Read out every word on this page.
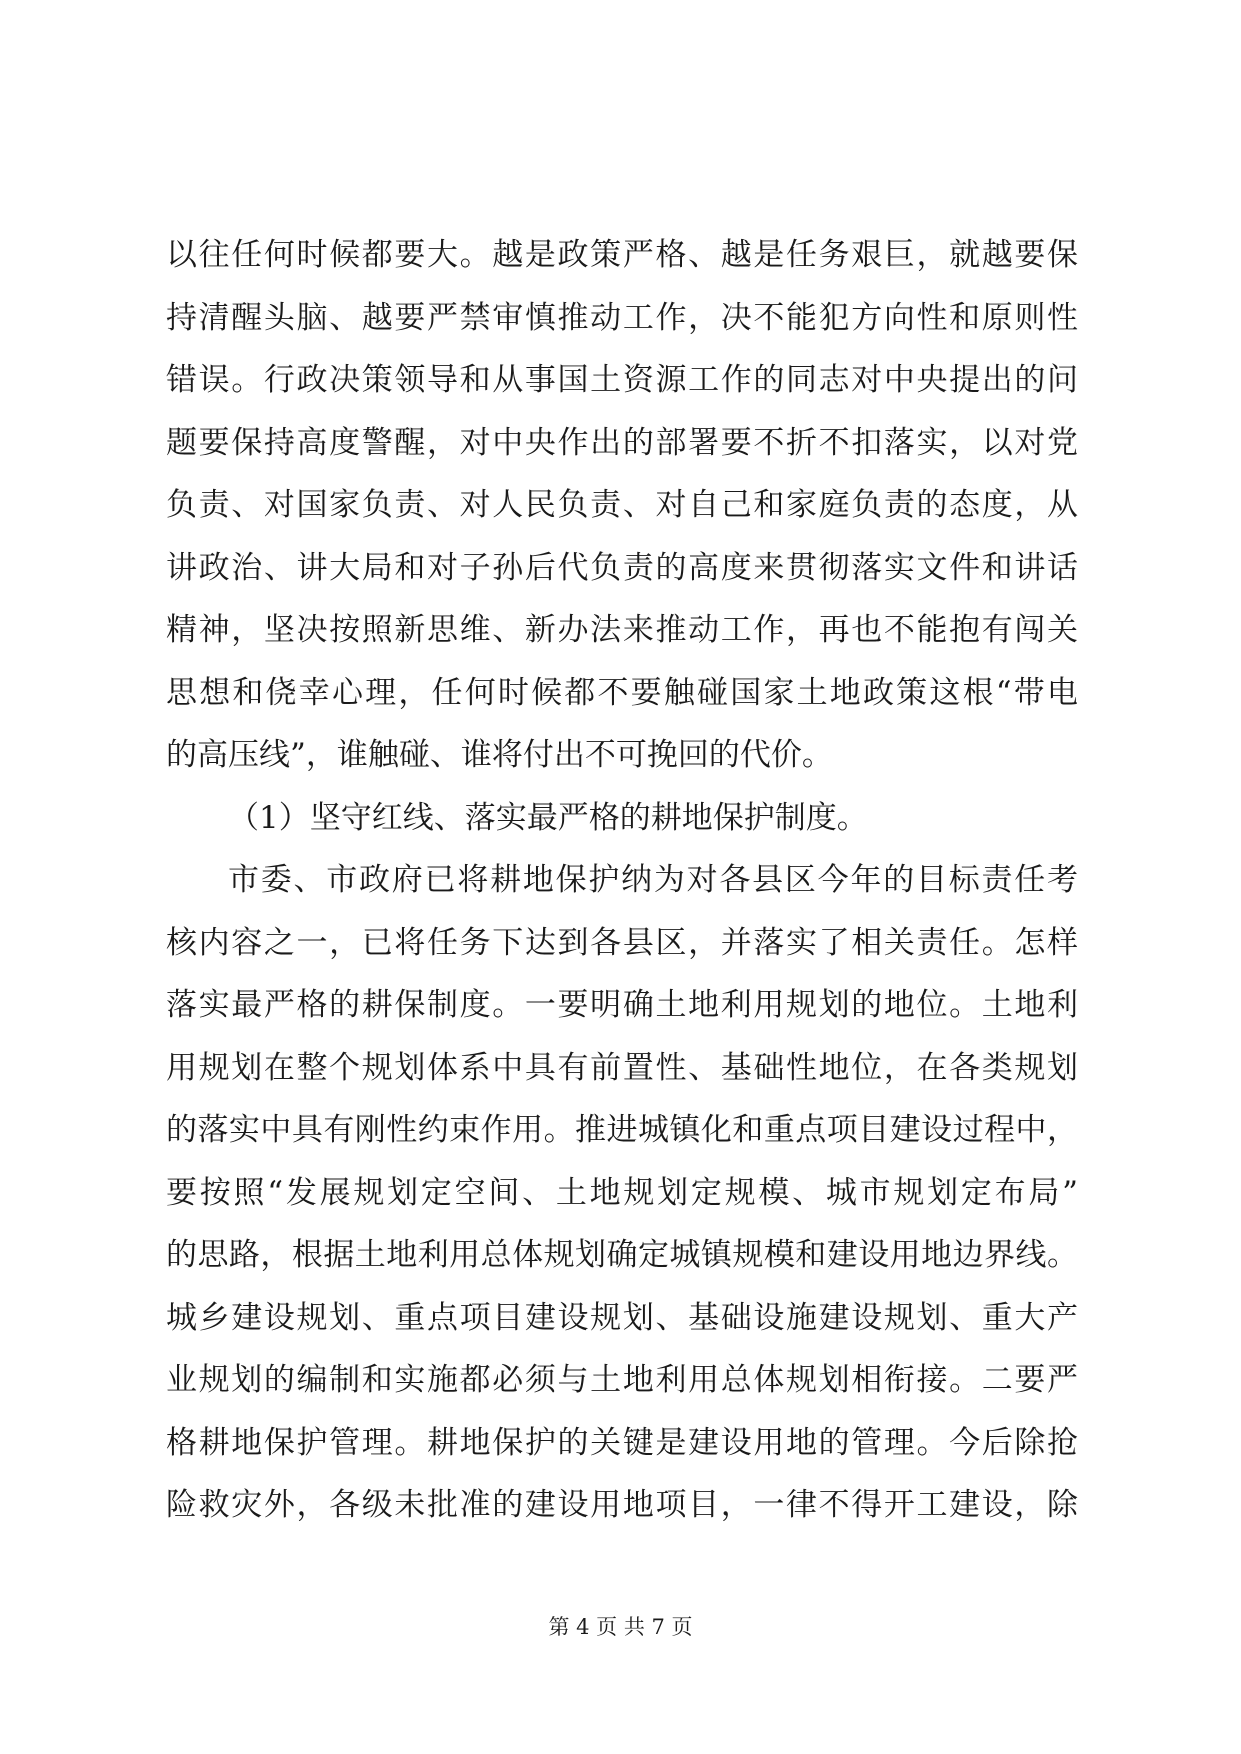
以往任何时候都要大。越是政策严格、越是任务艰巨，就越要保
持清醒头脑、越要严禁审慎推动工作，决不能犯方向性和原则性
错误。行政决策领导和从事国土资源工作的同志对中央提出的问
题要保持高度警醒，对中央作出的部署要不折不扣落实，以对党
负责、对国家负责、对人民负责、对自己和家庭负责的态度，从
讲政治、讲大局和对子孙后代负责的高度来贯彻落实文件和讲话
精神，坚决按照新思维、新办法来推动工作，再也不能抱有闯关
思想和侥幸心理，任何时候都不要触碰国家土地政策这根“带电
的高压线”，谁触碰、谁将付出不可挽回的代价。
（1）坚守红线、落实最严格的耕地保护制度。
市委、市政府已将耕地保护纳为对各县区今年的目标责任考
核内容之一，已将任务下达到各县区，并落实了相关责任。怎样
落实最严格的耕保制度。一要明确土地利用规划的地位。土地利
用规划在整个规划体系中具有前置性、基础性地位，在各类规划
的落实中具有刚性约束作用。推进城镇化和重点项目建设过程中，
要按照“发展规划定空间、土地规划定规模、城市规划定布局”
的思路，根据土地利用总体规划确定城镇规模和建设用地边界线。
城乡建设规划、重点项目建设规划、基础设施建设规划、重大产
业规划的编制和实施都必须与土地利用总体规划相衔接。二要严
格耕地保护管理。耕地保护的关键是建设用地的管理。今后除抢
险救灾外，各级未批准的建设用地项目，一律不得开工建设，除
第 4 页 共 7 页
